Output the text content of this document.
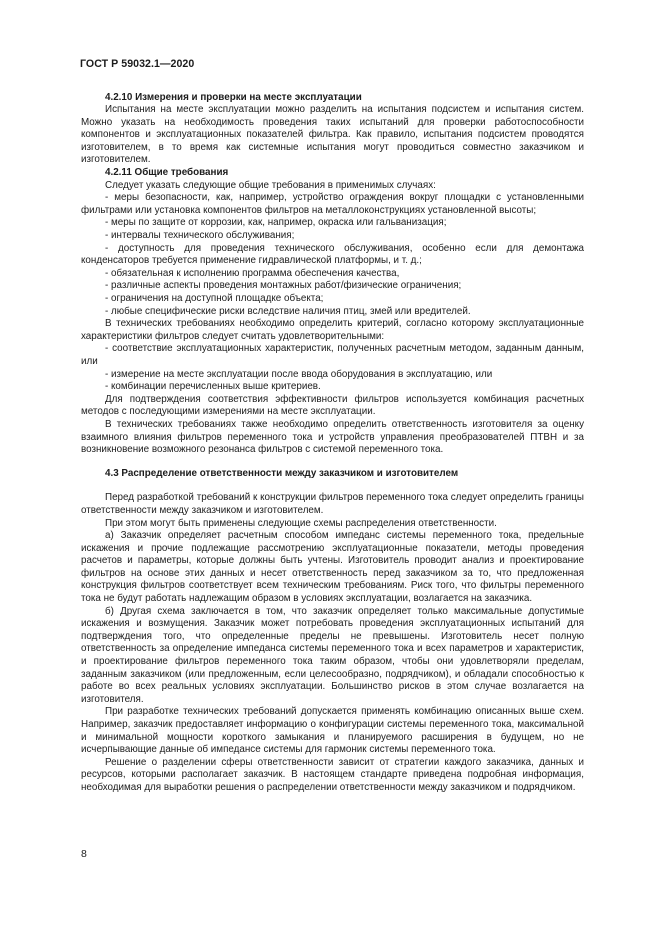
ГОСТ Р 59032.1—2020

4.2.10 Измерения и проверки на месте эксплуатации

Испытания на месте эксплуатации можно разделить на испытания подсистем и испытания систем. Можно указать на необходимость проведения таких испытаний для проверки работоспособности компонентов и эксплуатационных показателей фильтра. Как правило, испытания подсистем проводятся изготовителем, в то время как системные испытания могут проводиться совместно заказчиком и изготовителем.

4.2.11 Общие требования

Следует указать следующие общие требования в применимых случаях:

- меры безопасности, как, например, устройство ограждения вокруг площадки с установленными фильтрами или установка компонентов фильтров на металлоконструкциях установленной высоты;

- меры по защите от коррозии, как, например, окраска или гальванизация;

- интервалы технического обслуживания;

- доступность для проведения технического обслуживания, особенно если для демонтажа конденсаторов требуется применение гидравлической платформы, и т. д.;

- обязательная к исполнению программа обеспечения качества,

- различные аспекты проведения монтажных работ/физические ограничения;

- ограничения на доступной площадке объекта;

- любые специфические риски вследствие наличия птиц, змей или вредителей.

В технических требованиях необходимо определить критерий, согласно которому эксплуатационные характеристики фильтров следует считать удовлетворительными:

- соответствие эксплуатационных характеристик, полученных расчетным методом, заданным данным, или

- измерение на месте эксплуатации после ввода оборудования в эксплуатацию, или

- комбинации перечисленных выше критериев.

Для подтверждения соответствия эффективности фильтров используется комбинация расчетных методов с последующими измерениями на месте эксплуатации.

В технических требованиях также необходимо определить ответственность изготовителя за оценку взаимного влияния фильтров переменного тока и устройств управления преобразователей ПТВН и за возникновение возможного резонанса фильтров с системой переменного тока.

4.3 Распределение ответственности между заказчиком и изготовителем

Перед разработкой требований к конструкции фильтров переменного тока следует определить границы ответственности между заказчиком и изготовителем.

При этом могут быть применены следующие схемы распределения ответственности.

а) Заказчик определяет расчетным способом импеданс системы переменного тока, предельные искажения и прочие подлежащие рассмотрению эксплуатационные показатели, методы проведения расчетов и параметры, которые должны быть учтены. Изготовитель проводит анализ и проектирование фильтров на основе этих данных и несет ответственность перед заказчиком за то, что предложенная конструкция фильтров соответствует всем техническим требованиям. Риск того, что фильтры переменного тока не будут работать надлежащим образом в условиях эксплуатации, возлагается на заказчика.

б) Другая схема заключается в том, что заказчик определяет только максимальные допустимые искажения и возмущения. Заказчик может потребовать проведения эксплуатационных испытаний для подтверждения того, что определенные пределы не превышены. Изготовитель несет полную ответственность за определение импеданса системы переменного тока и всех параметров и характеристик, и проектирование фильтров переменного тока таким образом, чтобы они удовлетворяли пределам, заданным заказчиком (или предложенным, если целесообразно, подрядчиком), и обладали способностью к работе во всех реальных условиях эксплуатации. Большинство рисков в этом случае возлагается на изготовителя.

При разработке технических требований допускается применять комбинацию описанных выше схем. Например, заказчик предоставляет информацию о конфигурации системы переменного тока, максимальной и минимальной мощности короткого замыкания и планируемого расширения в будущем, но не исчерпывающие данные об импедансе системы для гармоник системы переменного тока.

Решение о разделении сферы ответственности зависит от стратегии каждого заказчика, данных и ресурсов, которыми располагает заказчик. В настоящем стандарте приведена подробная информация, необходимая для выработки решения о распределении ответственности между заказчиком и подрядчиком.

8
